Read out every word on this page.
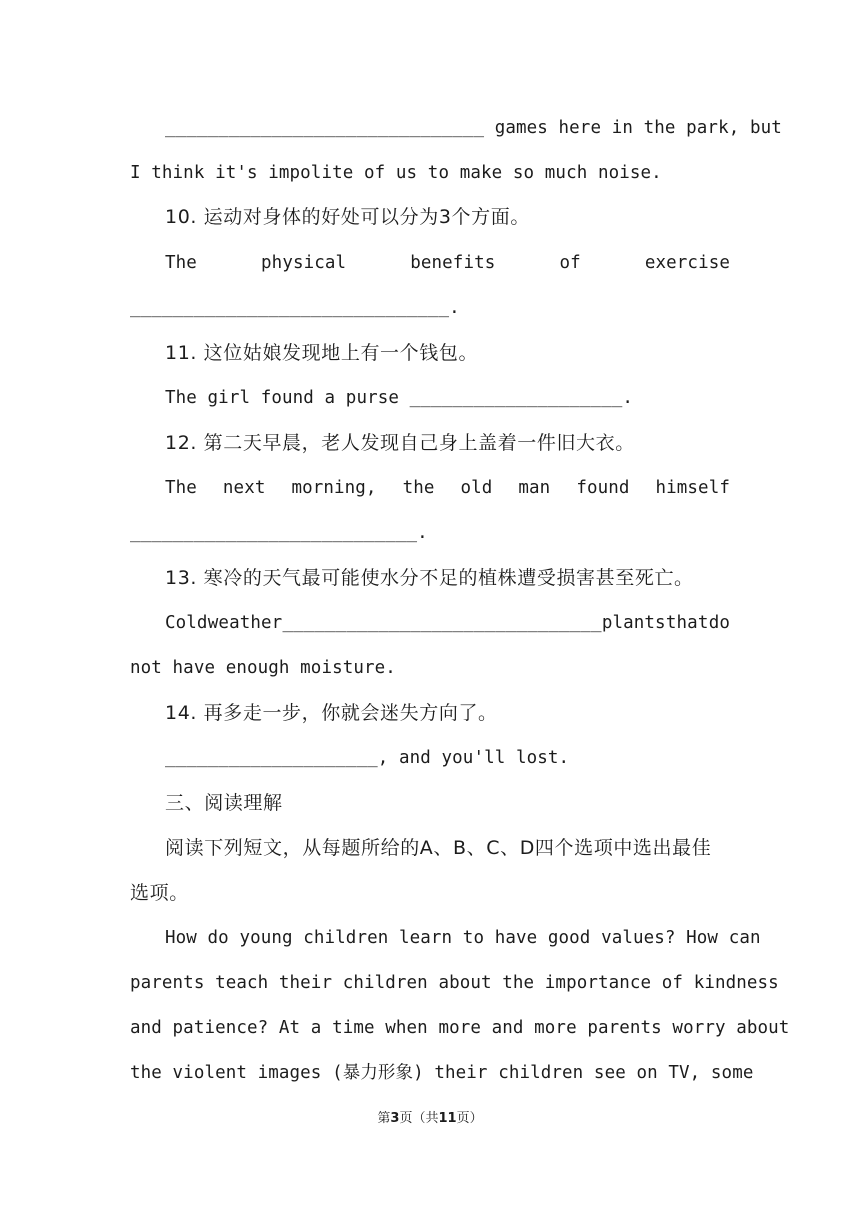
______________________________ games here in the park, but
I think it's impolite of us to make so much noise.
10. 运动对身体的好处可以分为3个方面。
The	physical	benefits	of	exercise
______________________________.
11. 这位姑娘发现地上有一个钱包。
The girl found a purse ____________________.
12. 第二天早晨，老人发现自己身上盖着一件旧大衣。
The next morning, the old man found himself
___________________________.
13. 寒冷的天气最可能使水分不足的植株遭受损害甚至死亡。
Cold weather ______________________________ plants that do
not have enough moisture.
14. 再多走一步，你就会迷失方向了。
____________________, and you'll lost.
三、阅读理解
阅读下列短文，从每题所给的A、B、C、D四个选项中选出最佳
选项。
How do young children learn to have good values? How can
parents teach their children about the importance of kindness
and patience? At a time when more and more parents worry about
the violent images (暴力形象) their children see on TV, some
第3页（共11页）
